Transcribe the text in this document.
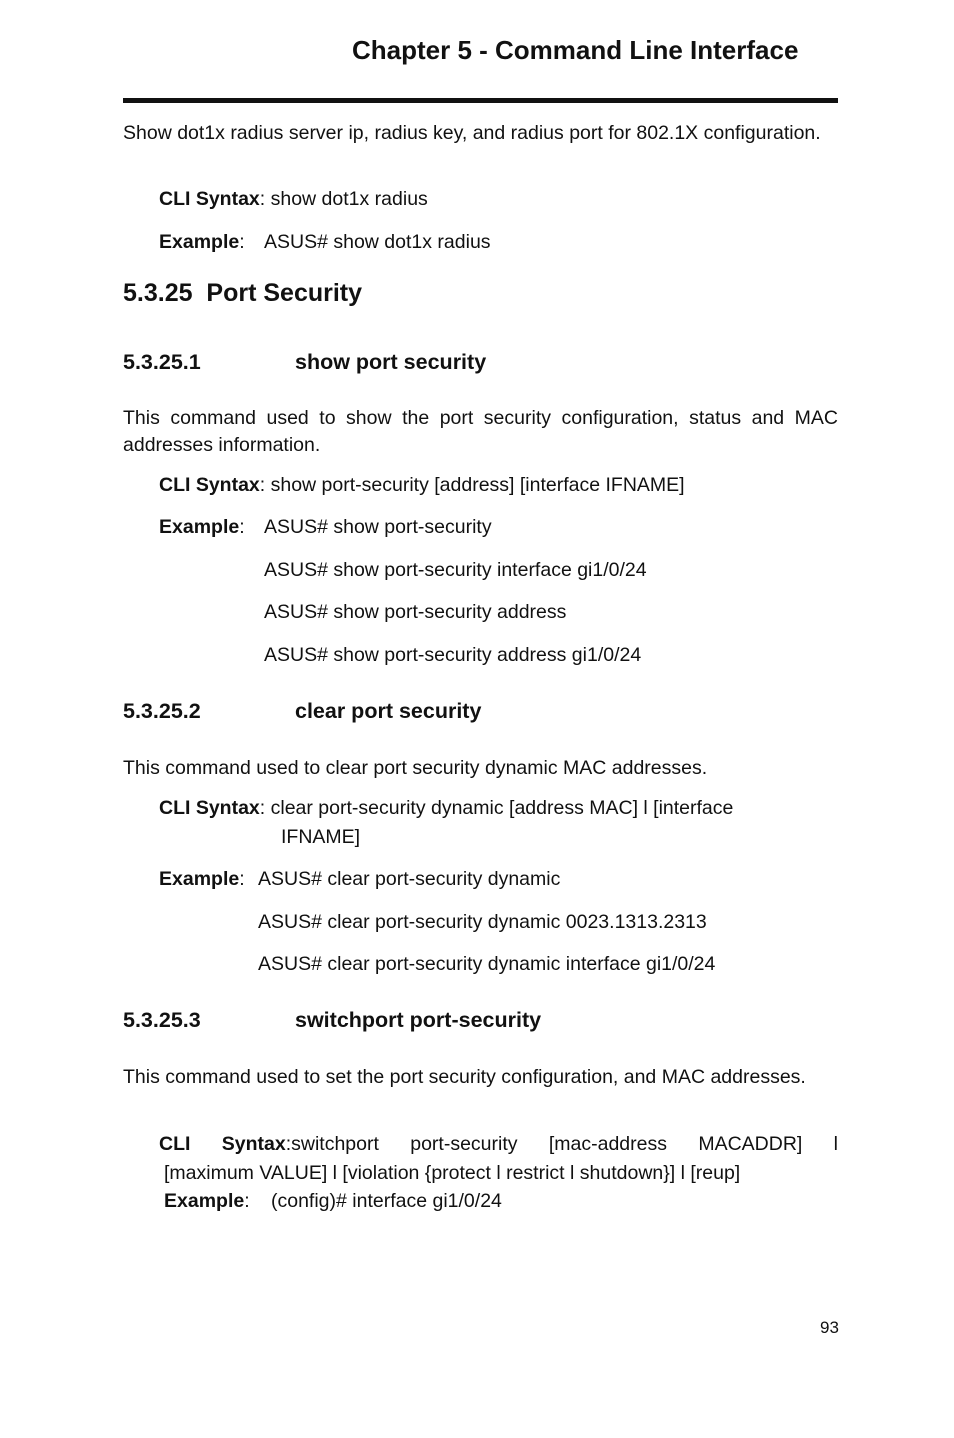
Chapter 5 - Command Line Interface
Show dot1x radius server ip, radius key, and radius port for 802.1X configuration.
CLI Syntax: show dot1x radius
Example: ASUS# show dot1x radius
5.3.25 Port Security
5.3.25.1	show port security
This command used to show the port security configuration, status and MAC addresses information.
CLI Syntax: show port-security [address] [interface IFNAME]
Example: ASUS# show port-security
ASUS# show port-security interface gi1/0/24
ASUS# show port-security address
ASUS# show port-security address gi1/0/24
5.3.25.2	clear port security
This command used to clear port security dynamic MAC addresses.
CLI Syntax: clear port-security dynamic [address MAC] l [interface
IFNAME]
Example: ASUS# clear port-security dynamic
ASUS# clear port-security dynamic 0023.1313.2313
ASUS# clear port-security dynamic interface gi1/0/24
5.3.25.3	switchport port-security
This command used to set the port security configuration, and MAC addresses.
CLI Syntax:switchport port-security [mac-address MACADDR] l
[maximum VALUE] l [violation {protect l restrict l shutdown}] l [reup]
Example: (config)# interface gi1/0/24
93
